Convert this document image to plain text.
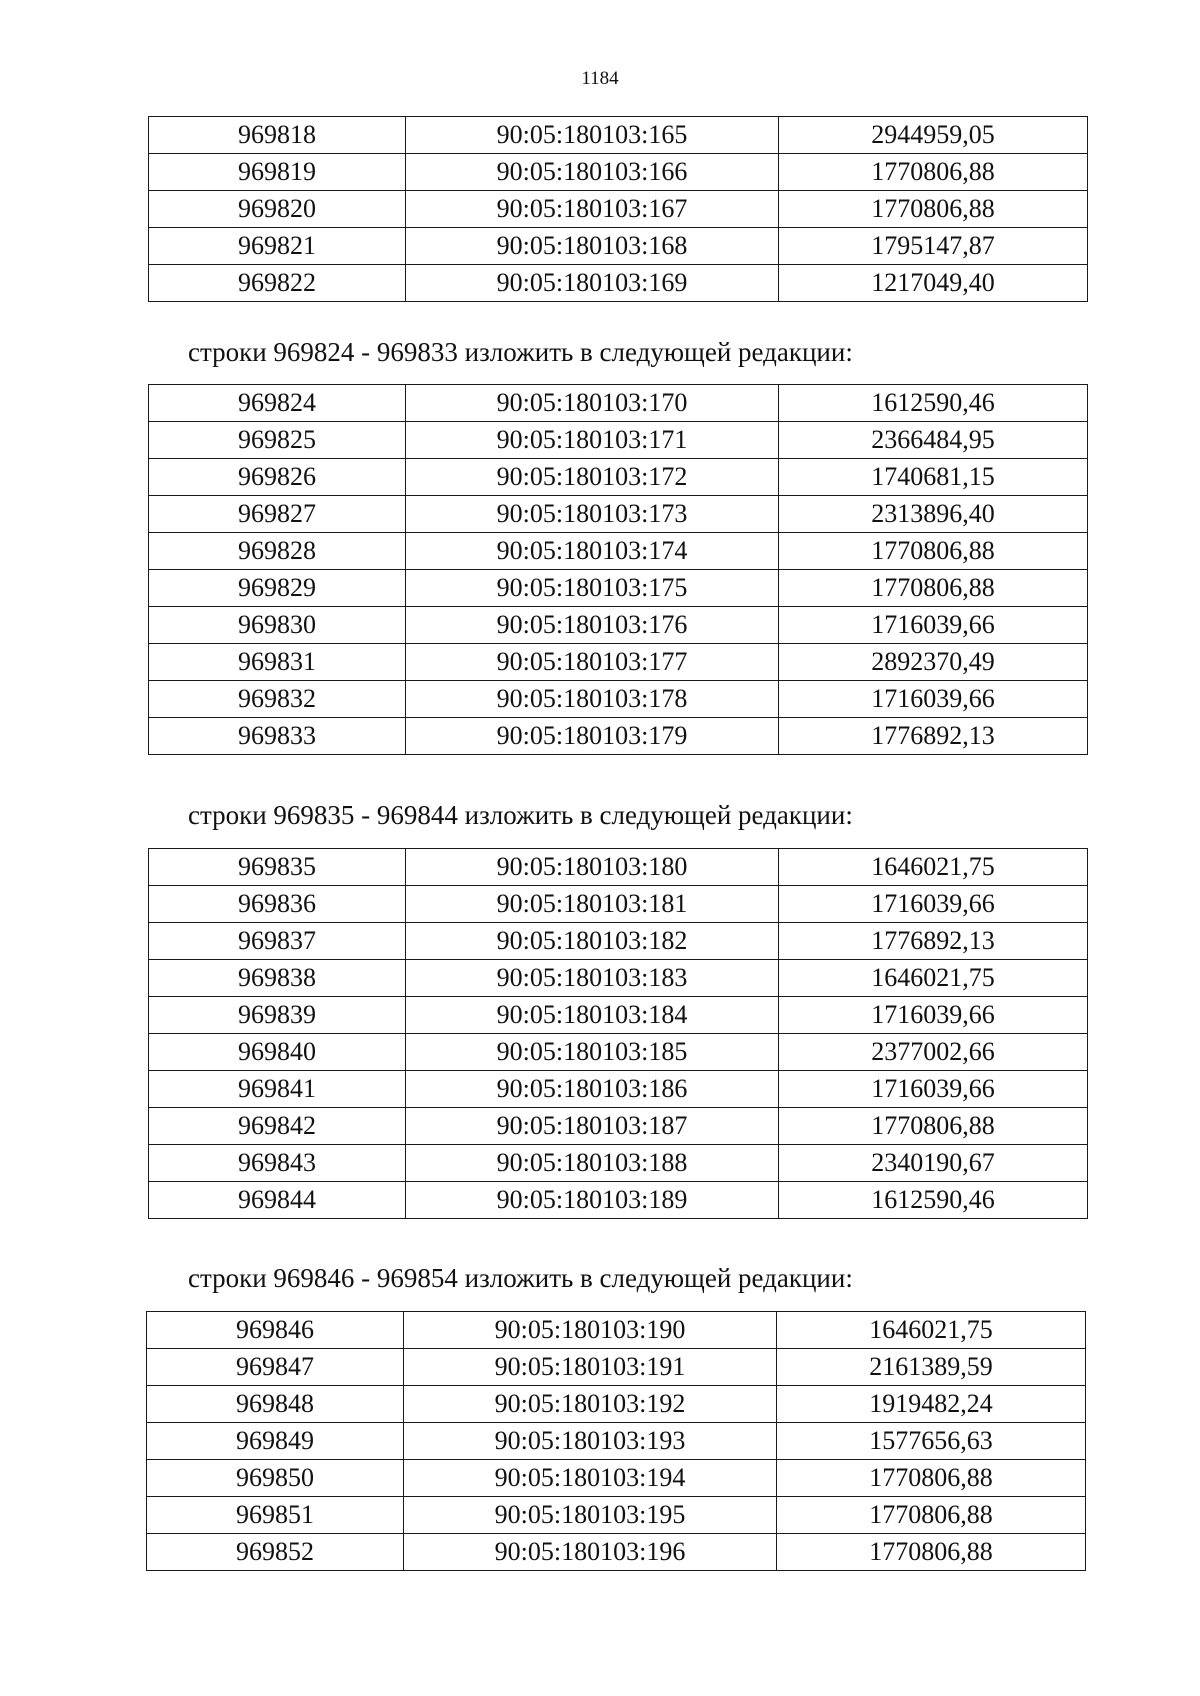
1184
969818	90:05:180103:165	2944959,05
969819	90:05:180103:166	1770806,88
969820	90:05:180103:167	1770806,88
969821	90:05:180103:168	1795147,87
969822	90:05:180103:169	1217049,40
строки 969824 - 969833 изложить в следующей редакции:
969824	90:05:180103:170	1612590,46
969825	90:05:180103:171	2366484,95
969826	90:05:180103:172	1740681,15
969827	90:05:180103:173	2313896,40
969828	90:05:180103:174	1770806,88
969829	90:05:180103:175	1770806,88
969830	90:05:180103:176	1716039,66
969831	90:05:180103:177	2892370,49
969832	90:05:180103:178	1716039,66
969833	90:05:180103:179	1776892,13
строки 969835 - 969844 изложить в следующей редакции:
969835	90:05:180103:180	1646021,75
969836	90:05:180103:181	1716039,66
969837	90:05:180103:182	1776892,13
969838	90:05:180103:183	1646021,75
969839	90:05:180103:184	1716039,66
969840	90:05:180103:185	2377002,66
969841	90:05:180103:186	1716039,66
969842	90:05:180103:187	1770806,88
969843	90:05:180103:188	2340190,67
969844	90:05:180103:189	1612590,46
строки 969846 - 969854 изложить в следующей редакции:
969846	90:05:180103:190	1646021,75
969847	90:05:180103:191	2161389,59
969848	90:05:180103:192	1919482,24
969849	90:05:180103:193	1577656,63
969850	90:05:180103:194	1770806,88
969851	90:05:180103:195	1770806,88
969852	90:05:180103:196	1770806,88
